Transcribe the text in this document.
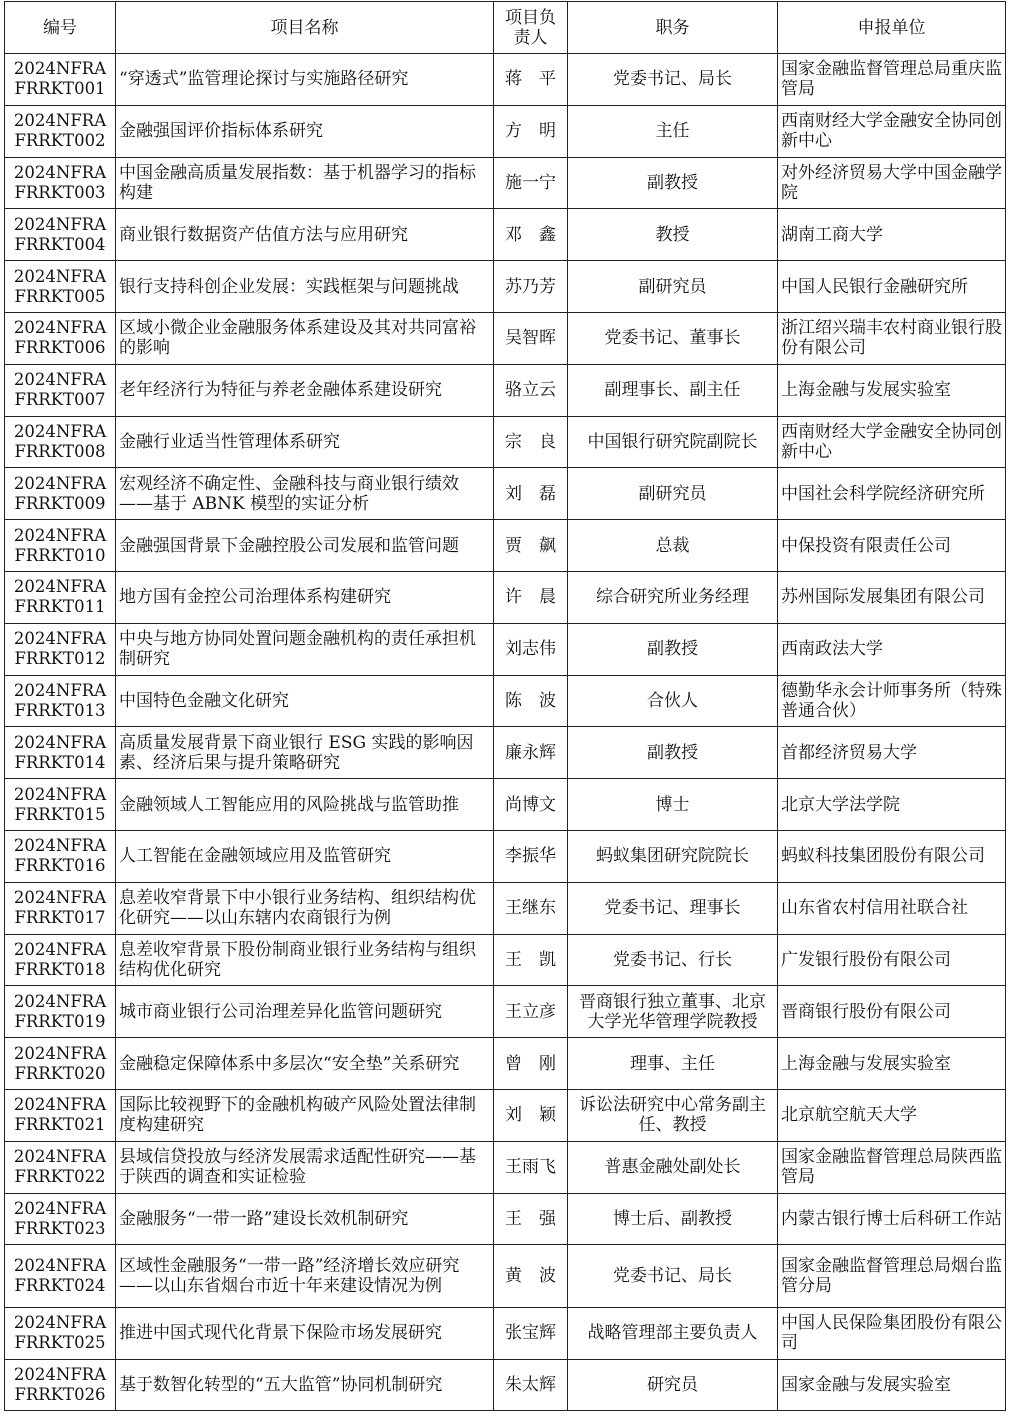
编号	项目名称	项目负责人	职务	申报单位
2024NFRA FRRKT001	“穿透式”监管理论探讨与实施路径研究	蒋　平	党委书记、局长	国家金融监督管理总局重庆监管局
2024NFRA FRRKT002	金融强国评价指标体系研究	方　明	主任	西南财经大学金融安全协同创新中心
2024NFRA FRRKT003	中国金融高质量发展指数：基于机器学习的指标构建	施一宁	副教授	对外经济贸易大学中国金融学院
2024NFRA FRRKT004	商业银行数据资产估值方法与应用研究	邓　鑫	教授	湖南工商大学
2024NFRA FRRKT005	银行支持科创企业发展：实践框架与问题挑战	苏乃芳	副研究员	中国人民银行金融研究所
2024NFRA FRRKT006	区域小微企业金融服务体系建设及其对共同富裕的影响	吴智晖	党委书记、董事长	浙江绍兴瑞丰农村商业银行股份有限公司
2024NFRA FRRKT007	老年经济行为特征与养老金融体系建设研究	骆立云	副理事长、副主任	上海金融与发展实验室
2024NFRA FRRKT008	金融行业适当性管理体系研究	宗　良	中国银行研究院副院长	西南财经大学金融安全协同创新中心
2024NFRA FRRKT009	宏观经济不确定性、金融科技与商业银行绩效——基于 ABNK 模型的实证分析	刘　磊	副研究员	中国社会科学院经济研究所
2024NFRA FRRKT010	金融强国背景下金融控股公司发展和监管问题	贾　飙	总裁	中保投资有限责任公司
2024NFRA FRRKT011	地方国有金控公司治理体系构建研究	许　晨	综合研究所业务经理	苏州国际发展集团有限公司
2024NFRA FRRKT012	中央与地方协同处置问题金融机构的责任承担机制研究	刘志伟	副教授	西南政法大学
2024NFRA FRRKT013	中国特色金融文化研究	陈　波	合伙人	德勤华永会计师事务所（特殊普通合伙）
2024NFRA FRRKT014	高质量发展背景下商业银行 ESG 实践的影响因素、经济后果与提升策略研究	廉永辉	副教授	首都经济贸易大学
2024NFRA FRRKT015	金融领域人工智能应用的风险挑战与监管助推	尚博文	博士	北京大学法学院
2024NFRA FRRKT016	人工智能在金融领域应用及监管研究	李振华	蚂蚁集团研究院院长	蚂蚁科技集团股份有限公司
2024NFRA FRRKT017	息差收窄背景下中小银行业务结构、组织结构优化研究——以山东辖内农商银行为例	王继东	党委书记、理事长	山东省农村信用社联合社
2024NFRA FRRKT018	息差收窄背景下股份制商业银行业务结构与组织结构优化研究	王　凯	党委书记、行长	广发银行股份有限公司
2024NFRA FRRKT019	城市商业银行公司治理差异化监管问题研究	王立彦	晋商银行独立董事、北京大学光华管理学院教授	晋商银行股份有限公司
2024NFRA FRRKT020	金融稳定保障体系中多层次“安全垫”关系研究	曾　刚	理事、主任	上海金融与发展实验室
2024NFRA FRRKT021	国际比较视野下的金融机构破产风险处置法律制度构建研究	刘　颖	诉讼法研究中心常务副主任、教授	北京航空航天大学
2024NFRA FRRKT022	县域信贷投放与经济发展需求适配性研究——基于陕西的调查和实证检验	王雨飞	普惠金融处副处长	国家金融监督管理总局陕西监管局
2024NFRA FRRKT023	金融服务“一带一路”建设长效机制研究	王　强	博士后、副教授	内蒙古银行博士后科研工作站
2024NFRA FRRKT024	区域性金融服务“一带一路”经济增长效应研究——以山东省烟台市近十年来建设情况为例	黄　波	党委书记、局长	国家金融监督管理总局烟台监管分局
2024NFRA FRRKT025	推进中国式现代化背景下保险市场发展研究	张宝辉	战略管理部主要负责人	中国人民保险集团股份有限公司
2024NFRA FRRKT026	基于数智化转型的“五大监管”协同机制研究	朱太辉	研究员	国家金融与发展实验室
